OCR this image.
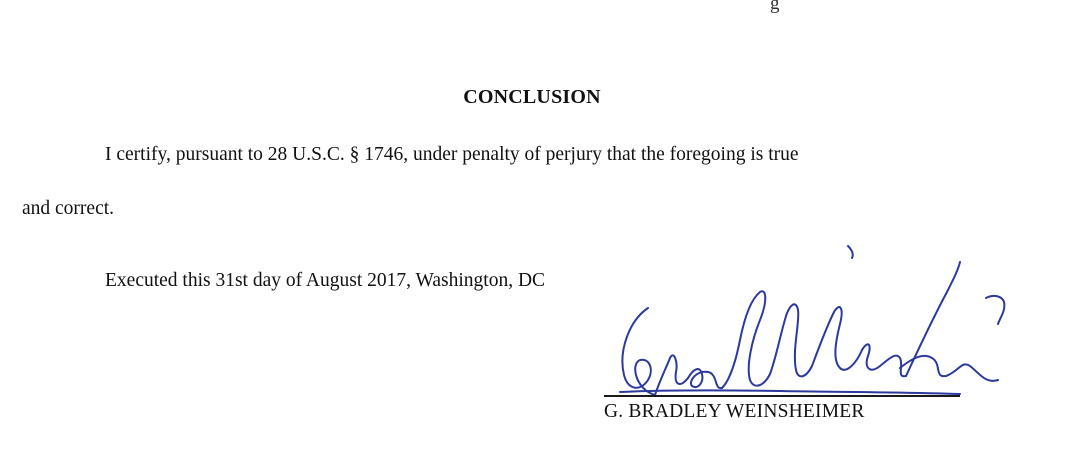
g
CONCLUSION
I certify, pursuant to 28 U.S.C. § 1746, under penalty of perjury that the foregoing is true
and correct.
Executed this 31st day of August 2017, Washington, DC
G. BRADLEY WEINSHEIMER
